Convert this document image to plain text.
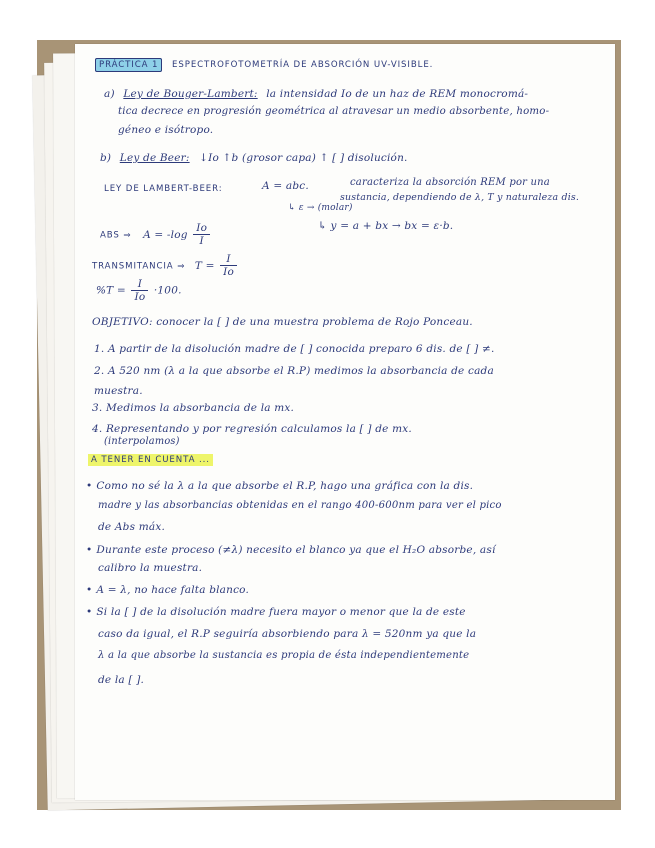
PRÁCTICA 1 ESPECTROFOTOMETRÍA DE ABSORCIÓN UV-VISIBLE.
a) Ley de Bouger-Lambert: la intensidad Io de un haz de REM monocromá-
tica decrece en progresión geométrica al atravesar un medio absorbente, homo-
géneo e isótropo.
b) Ley de Beer: ↓Io ↑b (grosor capa) ↑ [ ] disolución.
LEY DE LAMBERT-BEER:	A = abc.	caracteriza la absorción REM por una
↳ ε → (molar)
sustancia, dependiendo de λ, T y naturaleza dis.
↳ y = a + bx → bx = ε·b.
ABS ⇒ $A = -\log \frac{Io}{I}$
TRANSMITANCIA ⇒ $T = \frac{I}{Io}$
$\%T = \frac{I}{Io} \cdot 100$.
OBJETIVO: conocer la [ ] de una muestra problema de Rojo Ponceau.
1. A partir de la disolución madre de [ ] conocida preparo 6 dis. de [ ] ≠.
2. A 520 nm (λ a la que absorbe el R.P) medimos la absorbancia de cada
muestra.
3. Medimos la absorbancia de la mx.
4. Representando y por regresión calculamos la [ ] de mx.
(interpolamos)
A TENER EN CUENTA ...
• Como no sé la λ a la que absorbe el R.P, hago una gráfica con la dis.
madre y las absorbancias obtenidas en el rango 400-600nm para ver el pico
de Abs máx.
• Durante este proceso (≠λ) necesito el blanco ya que el H₂O absorbe, así
calibro la muestra.
• A = λ, no hace falta blanco.
• Si la [ ] de la disolución madre fuera mayor o menor que la de este
caso da igual, el R.P seguiría absorbiendo para λ = 520nm ya que la
λ a la que absorbe la sustancia es propia de ésta independientemente
de la [ ].
